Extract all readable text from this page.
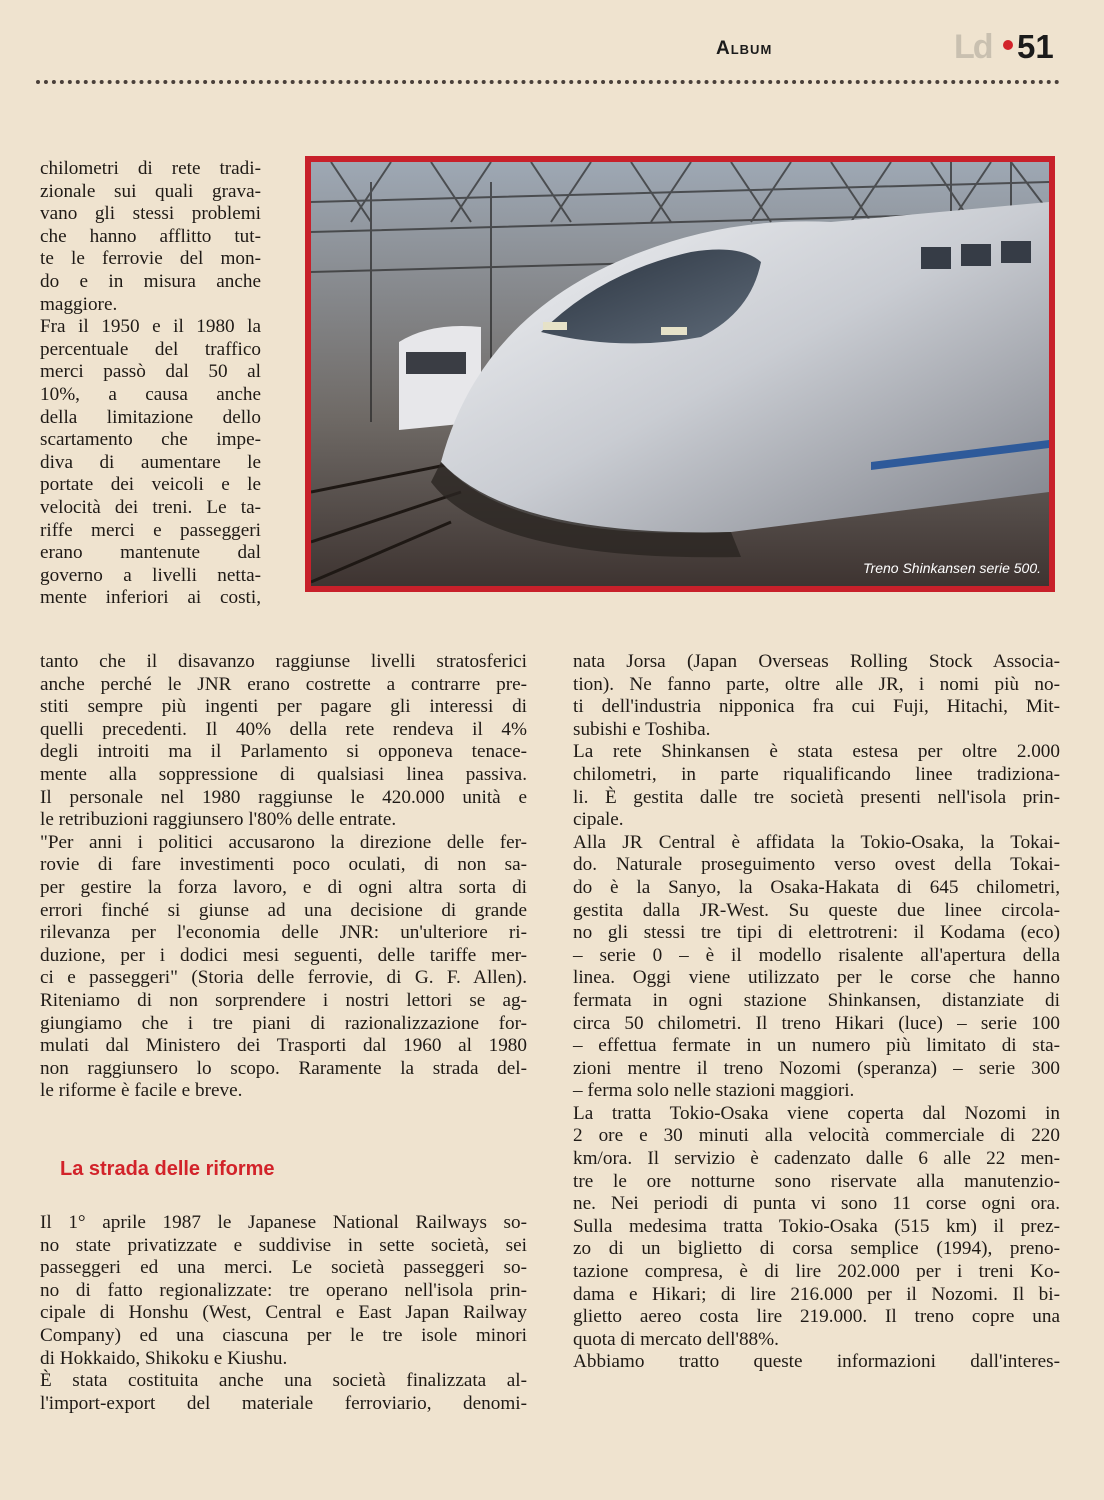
Album	Ld 51
Treno Shinkansen serie 500.
chilometri di rete tradi-
zionale sui quali grava-
vano gli stessi problemi
che hanno afflitto tut-
te le ferrovie del mon-
do e in misura anche
maggiore.
Fra il 1950 e il 1980 la
percentuale del traffico
merci passò dal 50 al
10%, a causa anche
della limitazione dello
scartamento che impe-
diva di aumentare le
portate dei veicoli e le
velocità dei treni. Le ta-
riffe merci e passeggeri
erano mantenute dal
governo a livelli netta-
mente inferiori ai costi,
tanto che il disavanzo raggiunse livelli stratosferici
anche perché le JNR erano costrette a contrarre pre-
stiti sempre più ingenti per pagare gli interessi di
quelli precedenti. Il 40% della rete rendeva il 4%
degli introiti ma il Parlamento si opponeva tenace-
mente alla soppressione di qualsiasi linea passiva.
Il personale nel 1980 raggiunse le 420.000 unità e
le retribuzioni raggiunsero l'80% delle entrate.
"Per anni i politici accusarono la direzione delle fer-
rovie di fare investimenti poco oculati, di non sa-
per gestire la forza lavoro, e di ogni altra sorta di
errori finché si giunse ad una decisione di grande
rilevanza per l'economia delle JNR: un'ulteriore ri-
duzione, per i dodici mesi seguenti, delle tariffe mer-
ci e passeggeri" (Storia delle ferrovie, di G. F. Allen).
Riteniamo di non sorprendere i nostri lettori se ag-
giungiamo che i tre piani di razionalizzazione for-
mulati dal Ministero dei Trasporti dal 1960 al 1980
non raggiunsero lo scopo. Raramente la strada del-
le riforme è facile e breve.
La strada delle riforme
Il 1° aprile 1987 le Japanese National Railways so-
no state privatizzate e suddivise in sette società, sei
passeggeri ed una merci. Le società passeggeri so-
no di fatto regionalizzate: tre operano nell'isola prin-
cipale di Honshu (West, Central e East Japan Railway
Company) ed una ciascuna per le tre isole minori
di Hokkaido, Shikoku e Kiushu.
È stata costituita anche una società finalizzata al-
l'import-export del materiale ferroviario, denomi-
nata Jorsa (Japan Overseas Rolling Stock Associa-
tion). Ne fanno parte, oltre alle JR, i nomi più no-
ti dell'industria nipponica fra cui Fuji, Hitachi, Mit-
subishi e Toshiba.
La rete Shinkansen è stata estesa per oltre 2.000
chilometri, in parte riqualificando linee tradiziona-
li. È gestita dalle tre società presenti nell'isola prin-
cipale.
Alla JR Central è affidata la Tokio-Osaka, la Tokai-
do. Naturale proseguimento verso ovest della Tokai-
do è la Sanyo, la Osaka-Hakata di 645 chilometri,
gestita dalla JR-West. Su queste due linee circola-
no gli stessi tre tipi di elettrotreni: il Kodama (eco)
– serie 0 – è il modello risalente all'apertura della
linea. Oggi viene utilizzato per le corse che hanno
fermata in ogni stazione Shinkansen, distanziate di
circa 50 chilometri. Il treno Hikari (luce) – serie 100
– effettua fermate in un numero più limitato di sta-
zioni mentre il treno Nozomi (speranza) – serie 300
– ferma solo nelle stazioni maggiori.
La tratta Tokio-Osaka viene coperta dal Nozomi in
2 ore e 30 minuti alla velocità commerciale di 220
km/ora. Il servizio è cadenzato dalle 6 alle 22 men-
tre le ore notturne sono riservate alla manutenzio-
ne. Nei periodi di punta vi sono 11 corse ogni ora.
Sulla medesima tratta Tokio-Osaka (515 km) il prez-
zo di un biglietto di corsa semplice (1994), preno-
tazione compresa, è di lire 202.000 per i treni Ko-
dama e Hikari; di lire 216.000 per il Nozomi. Il bi-
glietto aereo costa lire 219.000. Il treno copre una
quota di mercato dell'88%.
Abbiamo tratto queste informazioni dall'interes-
